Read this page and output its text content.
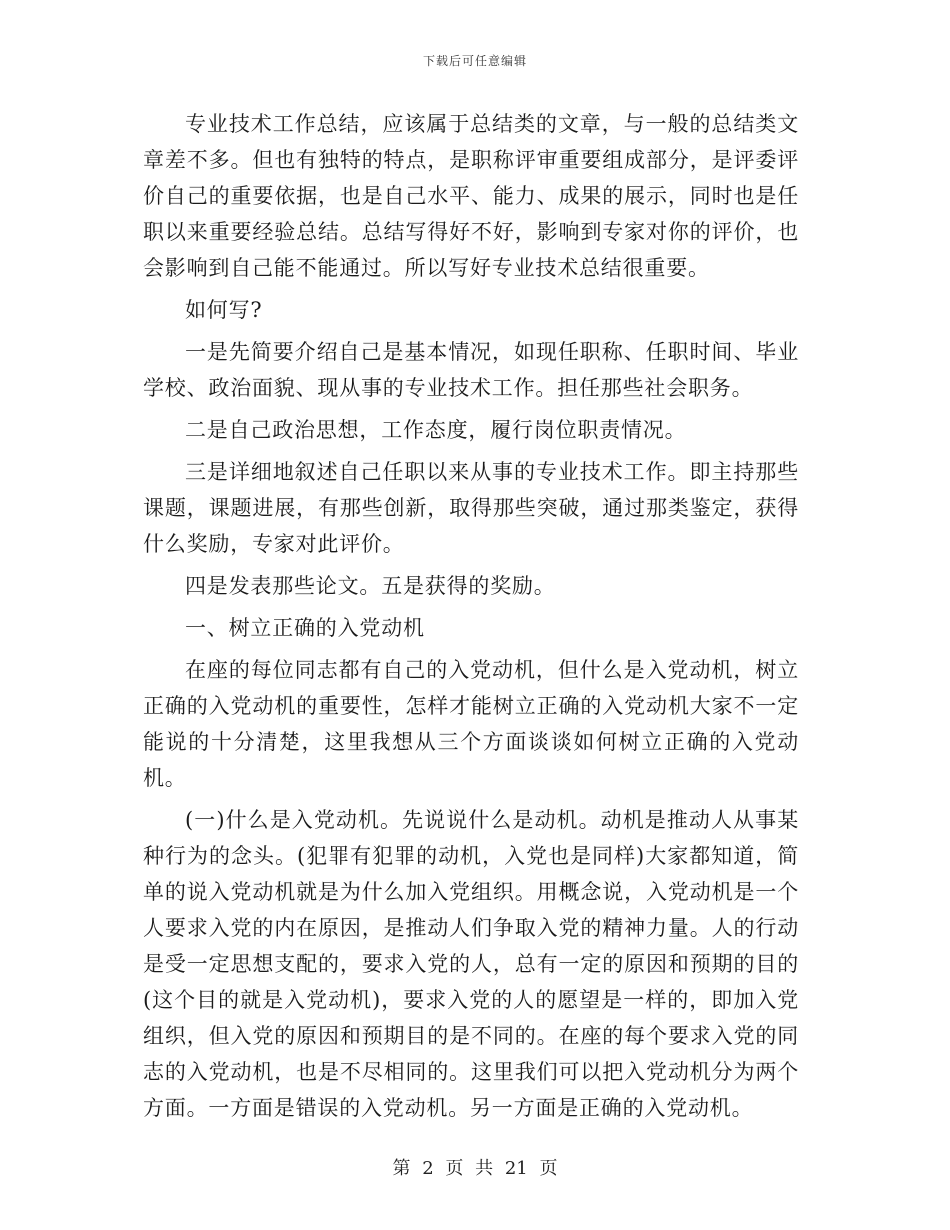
下载后可任意编辑

专业技术工作总结，应该属于总结类的文章，与一般的总结类文章差不多。但也有独特的特点，是职称评审重要组成部分，是评委评价自己的重要依据，也是自己水平、能力、成果的展示，同时也是任职以来重要经验总结。总结写得好不好，影响到专家对你的评价，也会影响到自己能不能通过。所以写好专业技术总结很重要。

如何写?

一是先简要介绍自己是基本情况，如现任职称、任职时间、毕业学校、政治面貌、现从事的专业技术工作。担任那些社会职务。

二是自己政治思想，工作态度，履行岗位职责情况。

三是详细地叙述自己任职以来从事的专业技术工作。即主持那些课题，课题进展，有那些创新，取得那些突破，通过那类鉴定，获得什么奖励，专家对此评价。

四是发表那些论文。五是获得的奖励。

一、树立正确的入党动机

在座的每位同志都有自己的入党动机，但什么是入党动机，树立正确的入党动机的重要性，怎样才能树立正确的入党动机大家不一定能说的十分清楚，这里我想从三个方面谈谈如何树立正确的入党动机。

(一)什么是入党动机。先说说什么是动机。动机是推动人从事某种行为的念头。(犯罪有犯罪的动机，入党也是同样)大家都知道，简单的说入党动机就是为什么加入党组织。用概念说，入党动机是一个人要求入党的内在原因，是推动人们争取入党的精神力量。人的行动是受一定思想支配的，要求入党的人，总有一定的原因和预期的目的(这个目的就是入党动机)，要求入党的人的愿望是一样的，即加入党组织，但入党的原因和预期目的是不同的。在座的每个要求入党的同志的入党动机，也是不尽相同的。这里我们可以把入党动机分为两个方面。一方面是错误的入党动机。另一方面是正确的入党动机。

第 2 页 共 21 页
